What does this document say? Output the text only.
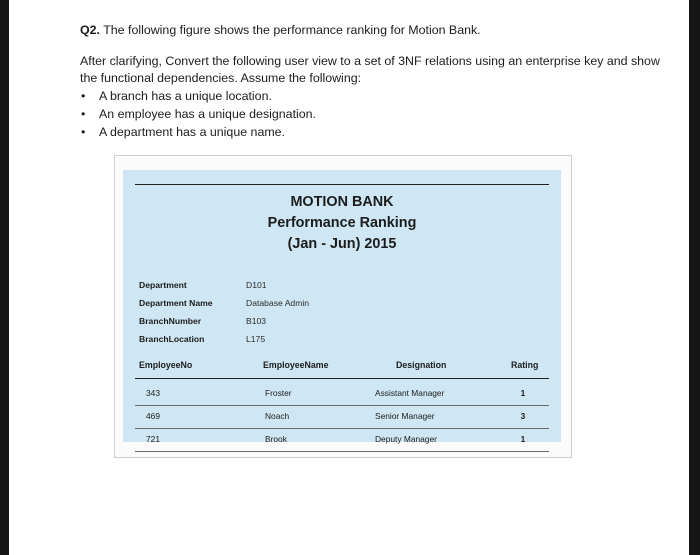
Q2. The following figure shows the performance ranking for Motion Bank.

After clarifying, Convert the following user view to a set of 3NF relations using an enterprise key and show the functional dependencies. Assume the following:

• A branch has a unique location.
• An employee has a unique designation.
• A department has a unique name.

MOTION BANK

Performance Ranking

(Jan - Jun) 2015

Department	D101
Department Name	Database Admin
BranchNumber	B103
BranchLocation	L175
EmployeeNo	EmployeeName	Designation	Rating
343	Froster	Assistant Manager	1
469	Noach	Senior Manager	3
721	Brook	Deputy Manager	1
